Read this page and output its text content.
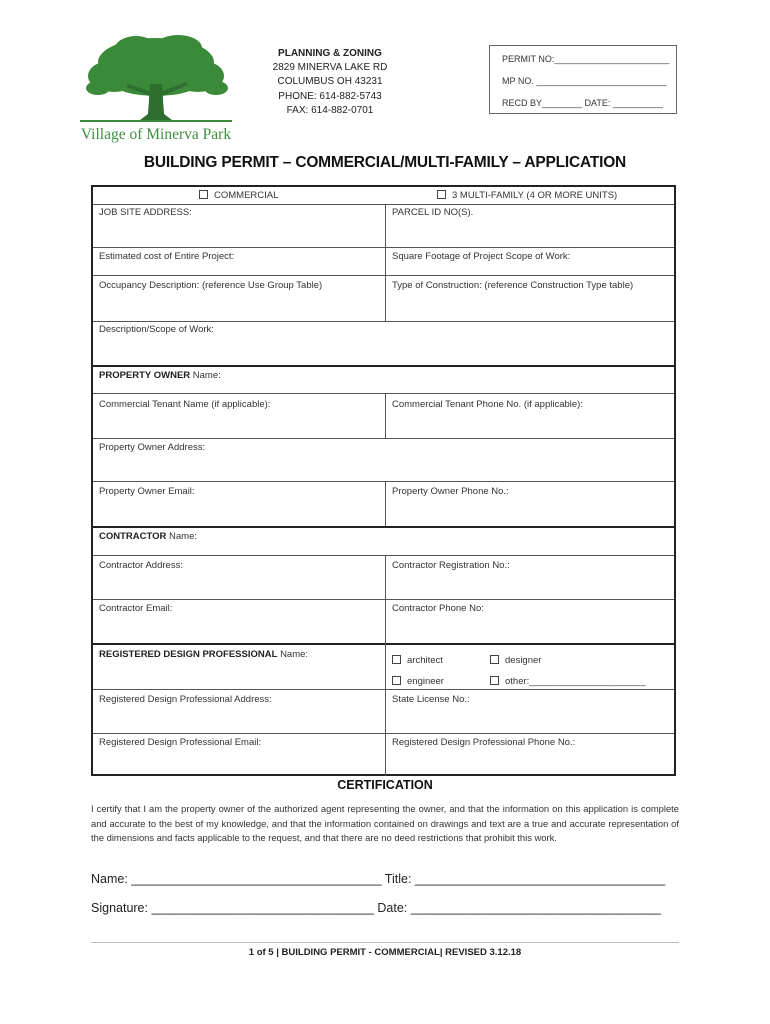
Village of Minerva Park
PLANNING & ZONING
2829 MINERVA LAKE RD
COLUMBUS OH 43231
PHONE: 614-882-5743
FAX: 614-882-0701
PERMIT NO:_______________________
MP NO. __________________________
RECD BY________ DATE: __________
BUILDING PERMIT – COMMERCIAL/MULTI-FAMILY – APPLICATION
COMMERCIAL	3 MULTI-FAMILY (4 OR MORE UNITS)
JOB SITE ADDRESS:	PARCEL ID NO(S).
Estimated cost of Entire Project:	Square Footage of Project Scope of Work:
Occupancy Description: (reference Use Group Table)	Type of Construction: (reference Construction Type table)
Description/Scope of Work:
PROPERTY OWNER Name:
Commercial Tenant Name (if applicable):	Commercial Tenant Phone No. (if applicable):
Property Owner Address:
Property Owner Email:	Property Owner Phone No.:
CONTRACTOR Name:
Contractor Address:	Contractor Registration No.:
Contractor Email:	Contractor Phone No:
REGISTERED DESIGN PROFESSIONAL Name:
architect	designer
engineer	other:______________________
Registered Design Professional Address:	State License No.:
Registered Design Professional Email:	Registered Design Professional Phone No.:
CERTIFICATION
I certify that I am the property owner of the authorized agent representing the owner, and that the information on this application is complete and accurate to the best of my knowledge, and that the information contained on drawings and text are a true and accurate representation of the dimensions and facts applicable to the request, and that there are no deed restrictions that prohibit this work.
Name: ____________________________________ Title: ____________________________________
Signature: ________________________________ Date: ____________________________________
1 of 5 | BUILDING PERMIT - COMMERCIAL| REVISED 3.12.18
